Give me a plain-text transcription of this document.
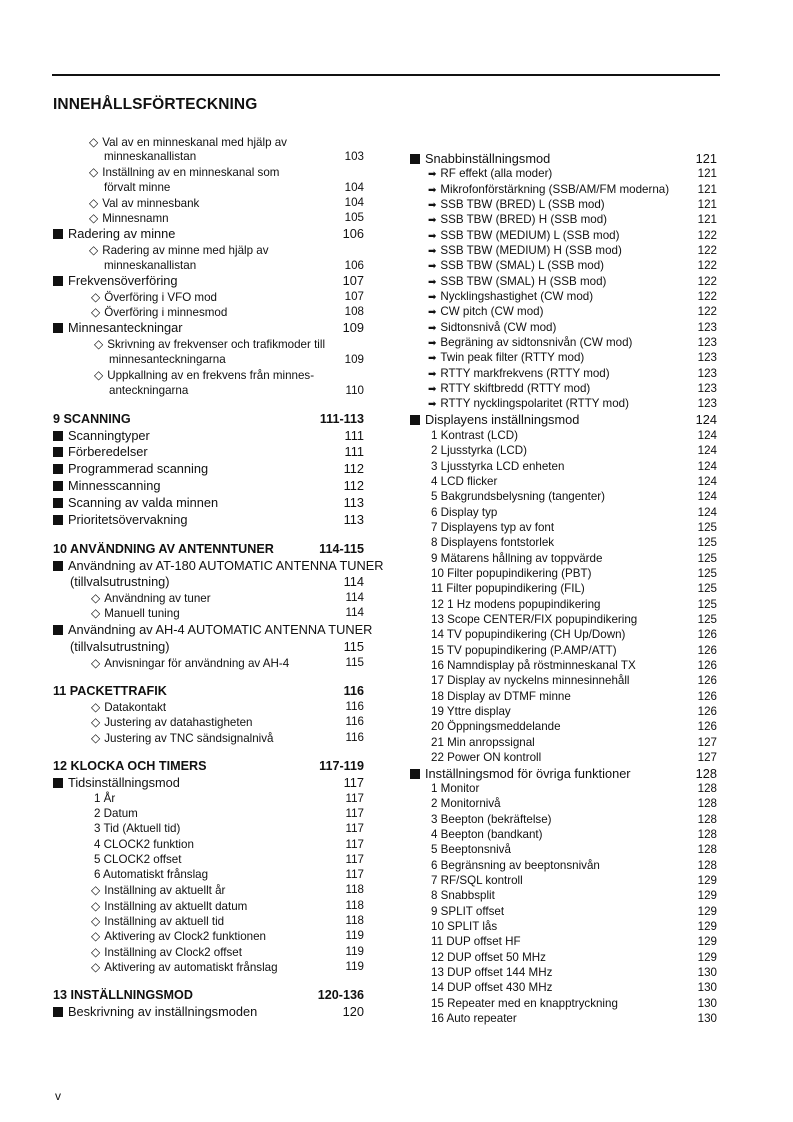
INNEHÅLLSFÖRTECKNING
◇ Val av en minneskanal med hjälp av
minneskanallistan	103
◇ Inställning av en minneskanal som
förvalt minne	104
◇ Val av minnesbank	104
◇ Minnesnamn	105
Radering av minne	106
◇ Radering av minne med hjälp av
minneskanallistan	106
Frekvensöverföring	107
◇ Överföring i VFO mod	107
◇ Överföring i minnesmod	108
Minnesanteckningar	109
◇ Skrivning av frekvenser och trafikmoder till
minnesanteckningarna	109
◇ Uppkallning av en frekvens från minnes-
anteckningarna	110
9 SCANNING	111-113
Scanningtyper	111
Förberedelser	111
Programmerad scanning	112
Minnesscanning	112
Scanning av valda minnen	113
Prioritetsövervakning	113
10 ANVÄNDNING AV ANTENNTUNER	114-115
Användning av AT-180 AUTOMATIC ANTENNA TUNER
(tillvalsutrustning)	114
◇ Användning av tuner	114
◇ Manuell tuning	114
Användning av AH-4 AUTOMATIC ANTENNA TUNER
(tillvalsutrustning)	115
◇ Anvisningar för användning av AH-4	115
11 PACKETTRAFIK	116
◇ Datakontakt	116
◇ Justering av datahastigheten	116
◇ Justering av TNC sändsignalnivå	116
12 KLOCKA OCH TIMERS	117-119
Tidsinställningsmod	117
1 År	117
2 Datum	117
3 Tid (Aktuell tid)	117
4 CLOCK2 funktion	117
5 CLOCK2 offset	117
6 Automatiskt frånslag	117
◇ Inställning av aktuellt år	118
◇ Inställning av aktuellt datum	118
◇ Inställning av aktuell tid	118
◇ Aktivering av Clock2 funktionen	119
◇ Inställning av Clock2 offset	119
◇ Aktivering av automatiskt frånslag	119
13 INSTÄLLNINGSMOD	120-136
Beskrivning av inställningsmoden	120
Snabbinställningsmod	121
➡ RF effekt (alla moder)	121
➡ Mikrofonförstärkning (SSB/AM/FM moderna) 121
➡ SSB TBW (BRED) L (SSB mod)	121
➡ SSB TBW (BRED) H (SSB mod)	121
➡ SSB TBW (MEDIUM) L (SSB mod)	122
➡ SSB TBW (MEDIUM) H (SSB mod)	122
➡ SSB TBW (SMAL) L (SSB mod)	122
➡ SSB TBW (SMAL) H (SSB mod)	122
➡ Nycklingshastighet (CW mod)	122
➡ CW pitch (CW mod)	122
➡ Sidtonsnivå (CW mod)	123
➡ Begräning av sidtonsnivån (CW mod)	123
➡ Twin peak filter (RTTY mod)	123
➡ RTTY markfrekvens (RTTY mod)	123
➡ RTTY skiftbredd (RTTY mod)	123
➡ RTTY nycklingspolaritet (RTTY mod)	123
Displayens inställningsmod	124
1 Kontrast (LCD)	124
2 Ljusstyrka (LCD)	124
3 Ljusstyrka LCD enheten	124
4 LCD flicker	124
5 Bakgrundsbelysning (tangenter)	124
6 Display typ	124
7 Displayens typ av font	125
8 Displayens fontstorlek	125
9 Mätarens hållning av toppvärde	125
10 Filter popupindikering (PBT)	125
11 Filter popupindikering (FIL)	125
12 1 Hz modens popupindikering	125
13 Scope CENTER/FIX popupindikering	125
14 TV popupindikering (CH Up/Down)	126
15 TV popupindikering (P.AMP/ATT)	126
16 Namndisplay på röstminneskanal TX	126
17 Display av nyckelns minnesinnehåll	126
18 Display av DTMF minne	126
19 Yttre display	126
20 Öppningsmeddelande	126
21 Min anropssignal	127
22 Power ON kontroll	127
Inställningsmod för övriga funktioner	128
1 Monitor	128
2 Monitornivå	128
3 Beepton (bekräftelse)	128
4 Beepton (bandkant)	128
5 Beeptonsnivå	128
6 Begränsning av beeptonsnivån	128
7 RF/SQL kontroll	129
8 Snabbsplit	129
9 SPLIT offset	129
10 SPLIT lås	129
11 DUP offset HF	129
12 DUP offset 50 MHz	129
13 DUP offset 144 MHz	130
14 DUP offset 430 MHz	130
15 Repeater med en knapptryckning	130
16 Auto repeater	130
v
